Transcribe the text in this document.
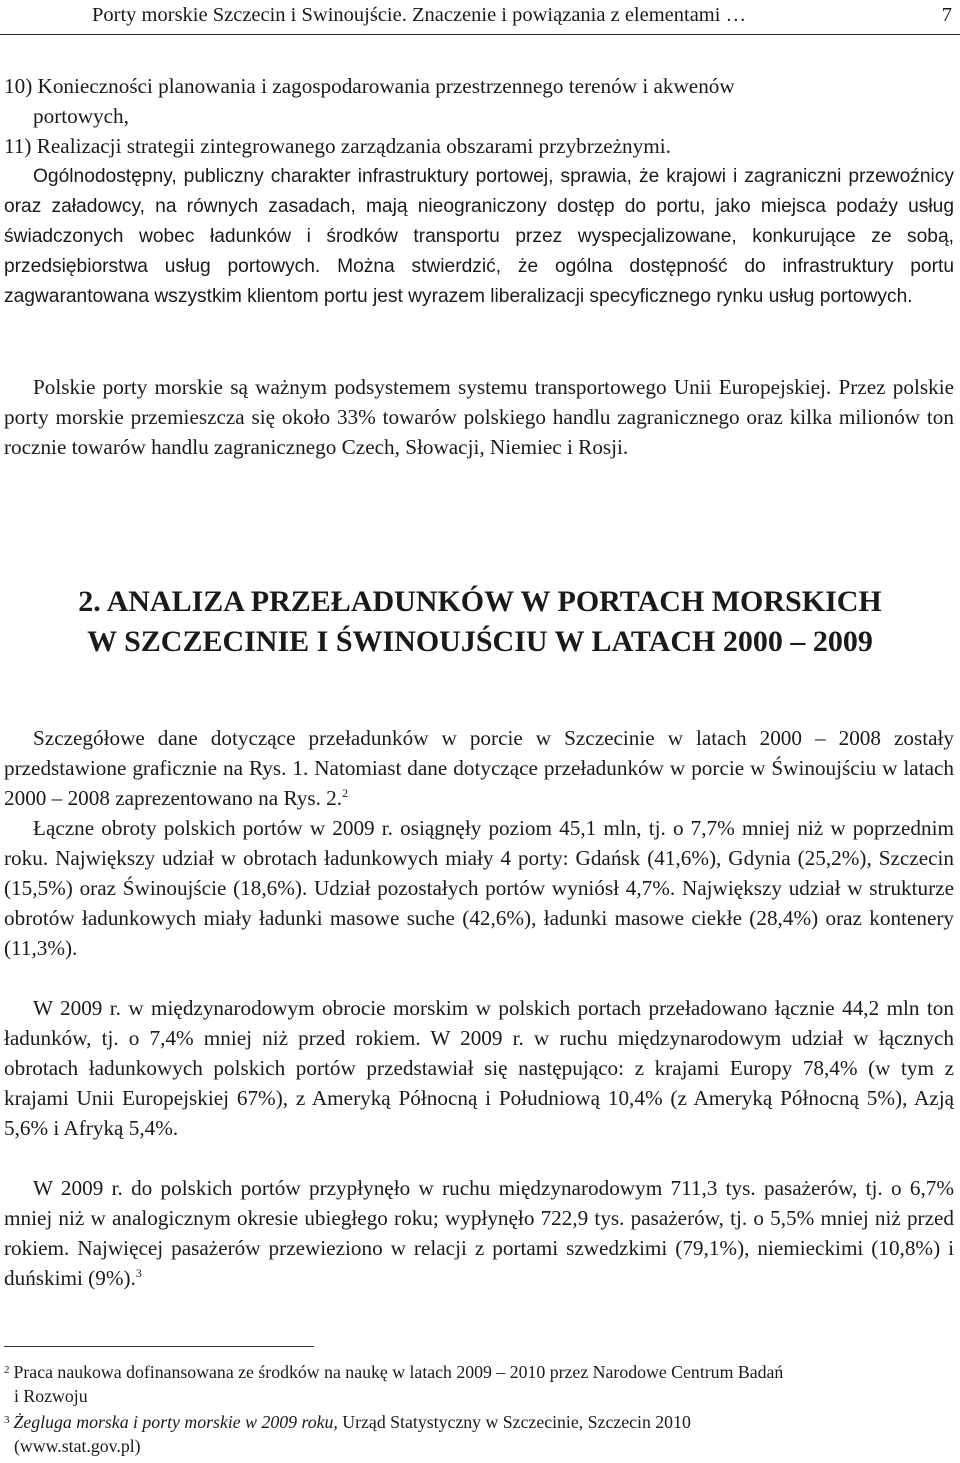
Porty morskie Szczecin i Swinoujście. Znaczenie i powiązania z elementami …	7
10) Konieczności planowania i zagospodarowania przestrzennego terenów i akwenów
portowych,
11) Realizacji strategii zintegrowanego zarządzania obszarami przybrzeżnymi.

Ogólnodostępny, publiczny charakter infrastruktury portowej, sprawia, że krajowi i zagraniczni przewoźnicy oraz załadowcy, na równych zasadach, mają nieograniczony dostęp do portu, jako miejsca podaży usług świadczonych wobec ładunków i środków transportu przez wyspecjalizowane, konkurujące ze sobą, przedsiębiorstwa usług portowych. Można stwierdzić, że ogólna dostępność do infrastruktury portu zagwarantowana wszystkim klientom portu jest wyrazem liberalizacji specyficznego rynku usług portowych.

Polskie porty morskie są ważnym podsystemem systemu transportowego Unii Europejskiej. Przez polskie porty morskie przemieszcza się około 33% towarów polskiego handlu zagranicznego oraz kilka milionów ton rocznie towarów handlu zagranicznego Czech, Słowacji, Niemiec i Rosji.

2. ANALIZA PRZEŁADUNKÓW W PORTACH MORSKICH
W SZCZECINIE I ŚWINOUJŚCIU W LATACH 2000 – 2009

Szczegółowe dane dotyczące przeładunków w porcie w Szczecinie w latach 2000 – 2008 zostały przedstawione graficznie na Rys. 1. Natomiast dane dotyczące przeładunków w porcie w Świnoujściu w latach 2000 – 2008 zaprezentowano na Rys. 2.$^2$

Łączne obroty polskich portów w 2009 r. osiągnęły poziom 45,1 mln, tj. o 7,7% mniej niż w poprzednim roku. Największy udział w obrotach ładunkowych miały 4 porty: Gdańsk (41,6%), Gdynia (25,2%), Szczecin (15,5%) oraz Świnoujście (18,6%). Udział pozostałych portów wyniósł 4,7%. Największy udział w strukturze obrotów ładunkowych miały ładunki masowe suche (42,6%), ładunki masowe ciekłe (28,4%) oraz kontenery (11,3%).

W 2009 r. w międzynarodowym obrocie morskim w polskich portach przeładowano łącznie 44,2 mln ton ładunków, tj. o 7,4% mniej niż przed rokiem. W 2009 r. w ruchu międzynarodowym udział w łącznych obrotach ładunkowych polskich portów przedstawiał się następująco: z krajami Europy 78,4% (w tym z krajami Unii Europejskiej 67%), z Ameryką Północną i Południową 10,4% (z Ameryką Północną 5%), Azją 5,6% i Afryką 5,4%.

W 2009 r. do polskich portów przypłynęło w ruchu międzynarodowym 711,3 tys. pasażerów, tj. o 6,7% mniej niż w analogicznym okresie ubiegłego roku; wypłynęło 722,9 tys. pasażerów, tj. o 5,5% mniej niż przed rokiem. Najwięcej pasażerów przewieziono w relacji z portami szwedzkimi (79,1%), niemieckimi (10,8%) i duńskimi (9%).$^3$

$^2$ Praca naukowa dofinansowana ze środków na naukę w latach 2009 – 2010 przez Narodowe Centrum Badań
i Rozwoju

$^3$ Żegluga morska i porty morskie w 2009 roku, Urząd Statystyczny w Szczecinie, Szczecin 2010
(www.stat.gov.pl)
